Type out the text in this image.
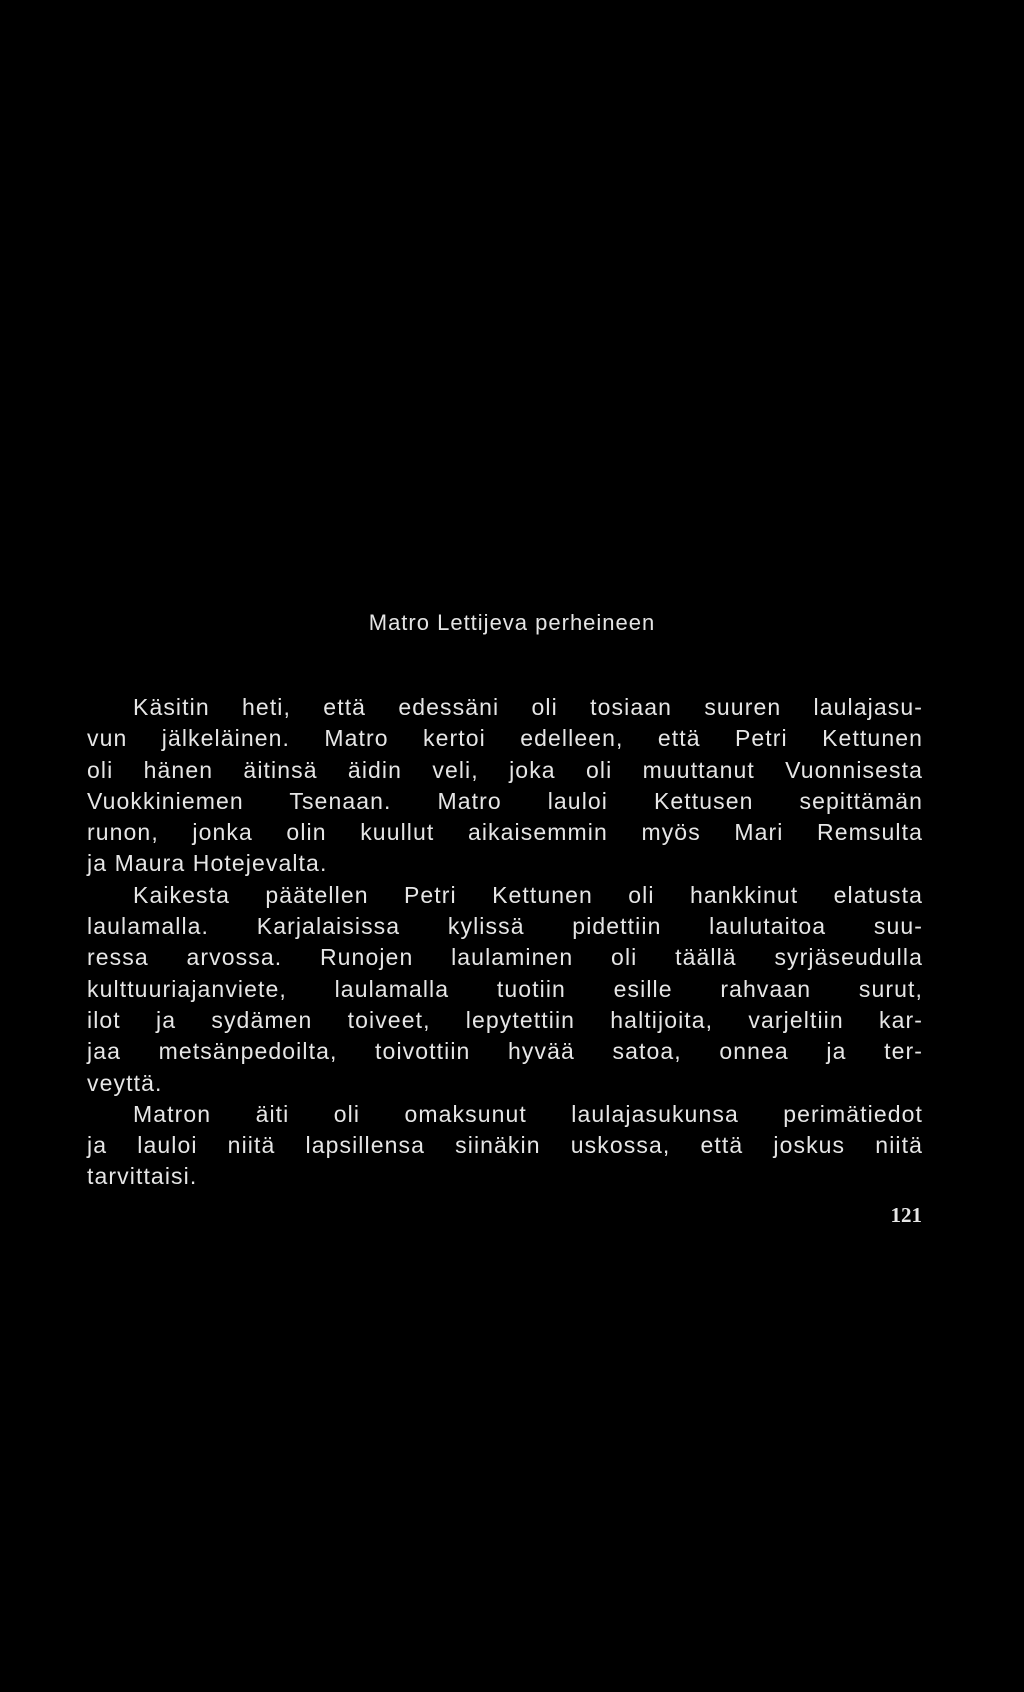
Matro Lettijeva perheineen
Käsitin heti, että edessäni oli tosiaan suuren laulajasu-
vun jälkeläinen. Matro kertoi edelleen, että Petri Kettunen
oli hänen äitinsä äidin veli, joka oli muuttanut Vuonnisesta
Vuokkiniemen Tsenaan. Matro lauloi Kettusen sepittämän
runon, jonka olin kuullut aikaisemmin myös Mari Remsulta
ja Maura Hotejevalta.
Kaikesta päätellen Petri Kettunen oli hankkinut elatusta
laulamalla. Karjalaisissa kylissä pidettiin laulutaitoa suu-
ressa arvossa. Runojen laulaminen oli täällä syrjäseudulla
kulttuuriajanviete, laulamalla tuotiin esille rahvaan surut,
ilot ja sydämen toiveet, lepytettiin haltijoita, varjeltiin kar-
jaa metsänpedoilta, toivottiin hyvää satoa, onnea ja ter-
veyttä.
Matron äiti oli omaksunut laulajasukunsa perimätiedot
ja lauloi niitä lapsillensa siinäkin uskossa, että joskus niitä
tarvittaisi.
121
